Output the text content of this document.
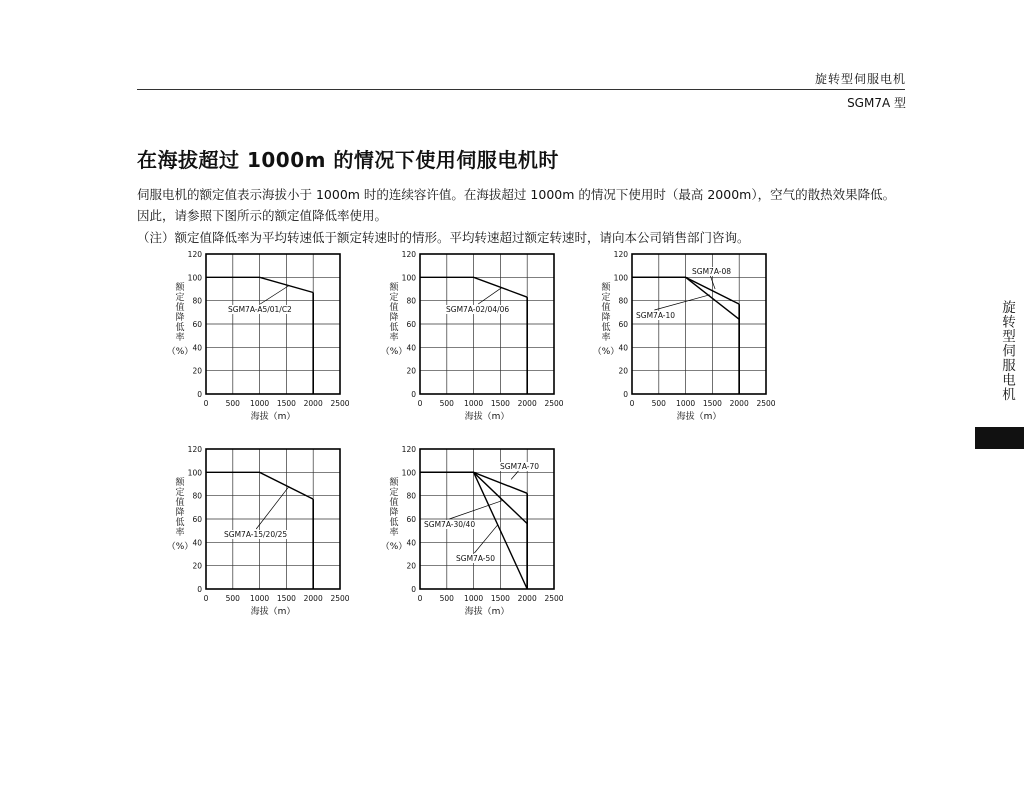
旋转型伺服电机
SGM7A 型
在海拔超过 1000m 的情况下使用伺服电机时
伺服电机的额定值表示海拔小于 1000m 时的连续容许值。在海拔超过 1000m 的情况下使用时（最高 2000m），空气的散热效果降低。因此，请参照下图所示的额定值降低率使用。
（注）额定值降低率为平均转速低于额定转速时的情形。平均转速超过额定转速时，请向本公司销售部门咨询。
旋转型伺服电机
0 500 1000 1500 2000 2500
0
20
40
60
80
100
120
海拔（m）
额定值降低率
（%）
SGM7A-A5/01/C2
0 500 1000 1500 2000 2500
0
20
40
60
80
100
120
海拔（m）
额定值降低率
（%）
SGM7A-02/04/06
0 500 1000 1500 2000 2500
0
20
40
60
80
100
120
海拔（m）
额定值降低率
（%）
SGM7A-08
SGM7A-10
0 500 1000 1500 2000 2500
0
20
40
60
80
100
120
海拔（m）
额定值降低率
（%）
SGM7A-15/20/25
0 500 1000 1500 2000 2500
0
20
40
60
80
100
120
海拔（m）
额定值降低率
（%）
SGM7A-70
SGM7A-30/40
SGM7A-50
